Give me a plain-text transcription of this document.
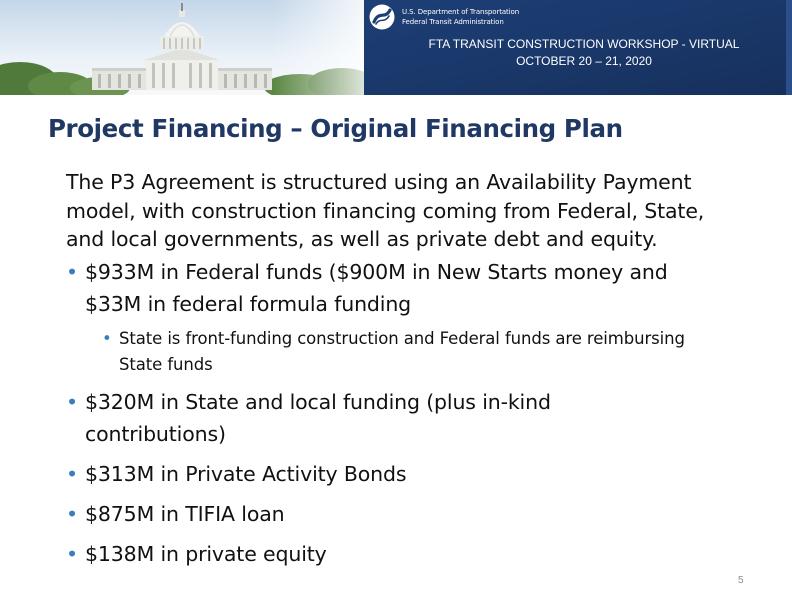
U.S. Department of Transportation
Federal Transit Administration
FTA TRANSIT CONSTRUCTION WORKSHOP - VIRTUAL
OCTOBER 20 – 21, 2020
Project Financing – Original Financing Plan
The P3 Agreement is structured using an Availability Payment model, with construction financing coming from Federal, State, and local governments, as well as private debt and equity.
• $933M in Federal funds ($900M in New Starts money and $33M in federal formula funding
• State is front-funding construction and Federal funds are reimbursing State funds
• $320M in State and local funding (plus in-kind contributions)
• $313M in Private Activity Bonds
• $875M in TIFIA loan
• $138M in private equity
5
